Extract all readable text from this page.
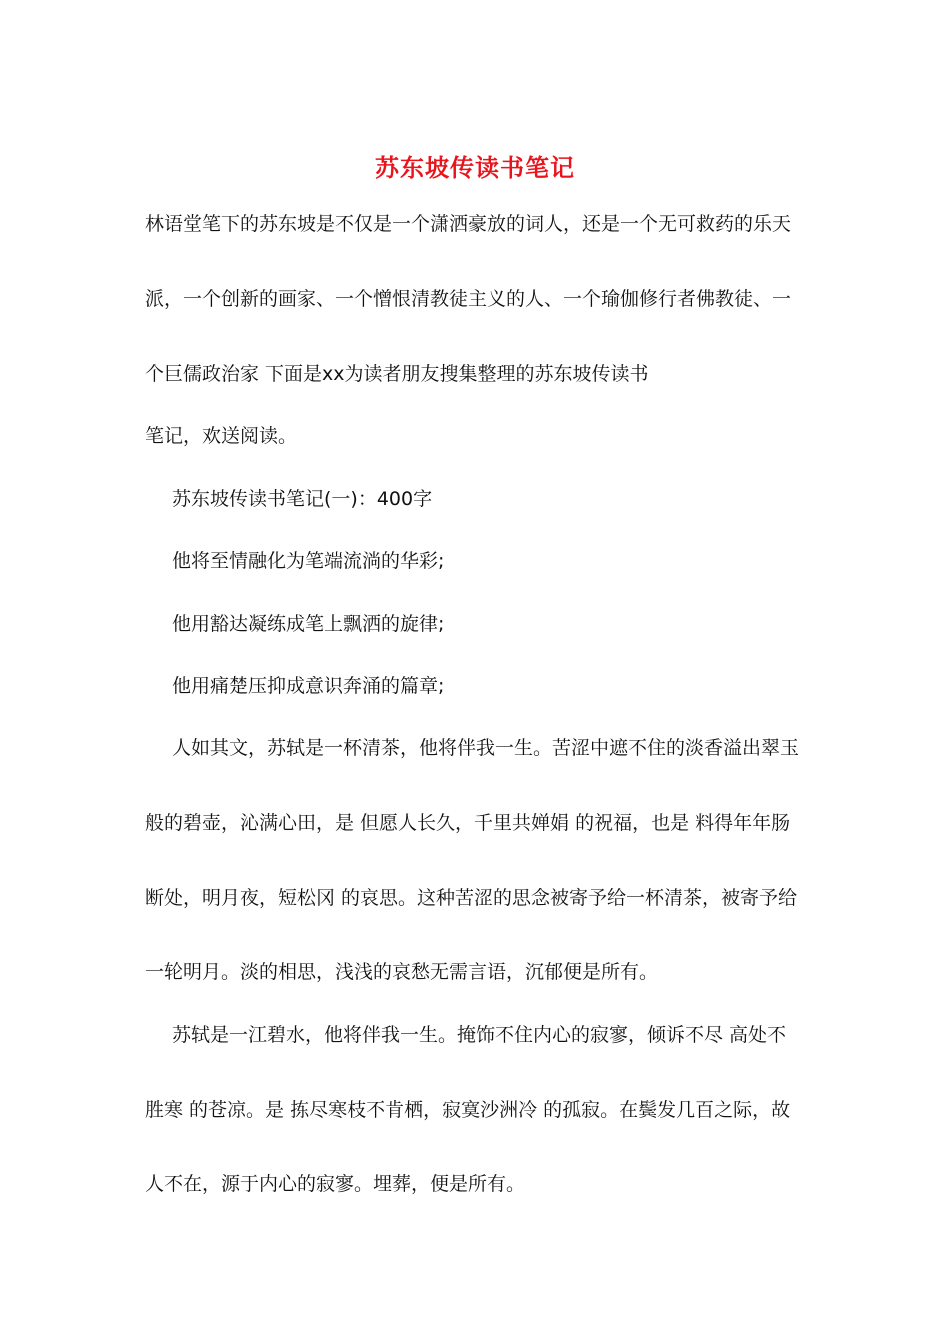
苏东坡传读书笔记
林语堂笔下的苏东坡是不仅是一个潇洒豪放的词人，还是一个无可救药的乐天
派，一个创新的画家、一个憎恨清教徒主义的人、一个瑜伽修行者佛教徒、一
个巨儒政治家 下面是xx为读者朋友搜集整理的苏东坡传读书
笔记，欢送阅读。
苏东坡传读书笔记(一)：400字
他将至情融化为笔端流淌的华彩;
他用豁达凝练成笔上飘洒的旋律;
他用痛楚压抑成意识奔涌的篇章;
人如其文，苏轼是一杯清茶，他将伴我一生。苦涩中遮不住的淡香溢出翠玉
般的碧壶，沁满心田，是 但愿人长久，千里共婵娟 的祝福，也是 料得年年肠
断处，明月夜，短松冈 的哀思。这种苦涩的思念被寄予给一杯清茶，被寄予给
一轮明月。淡的相思，浅浅的哀愁无需言语，沉郁便是所有。
苏轼是一江碧水，他将伴我一生。掩饰不住内心的寂寥，倾诉不尽 高处不
胜寒 的苍凉。是 拣尽寒枝不肯栖，寂寞沙洲冷 的孤寂。在鬓发几百之际，故
人不在，源于内心的寂寥。埋葬，便是所有。
